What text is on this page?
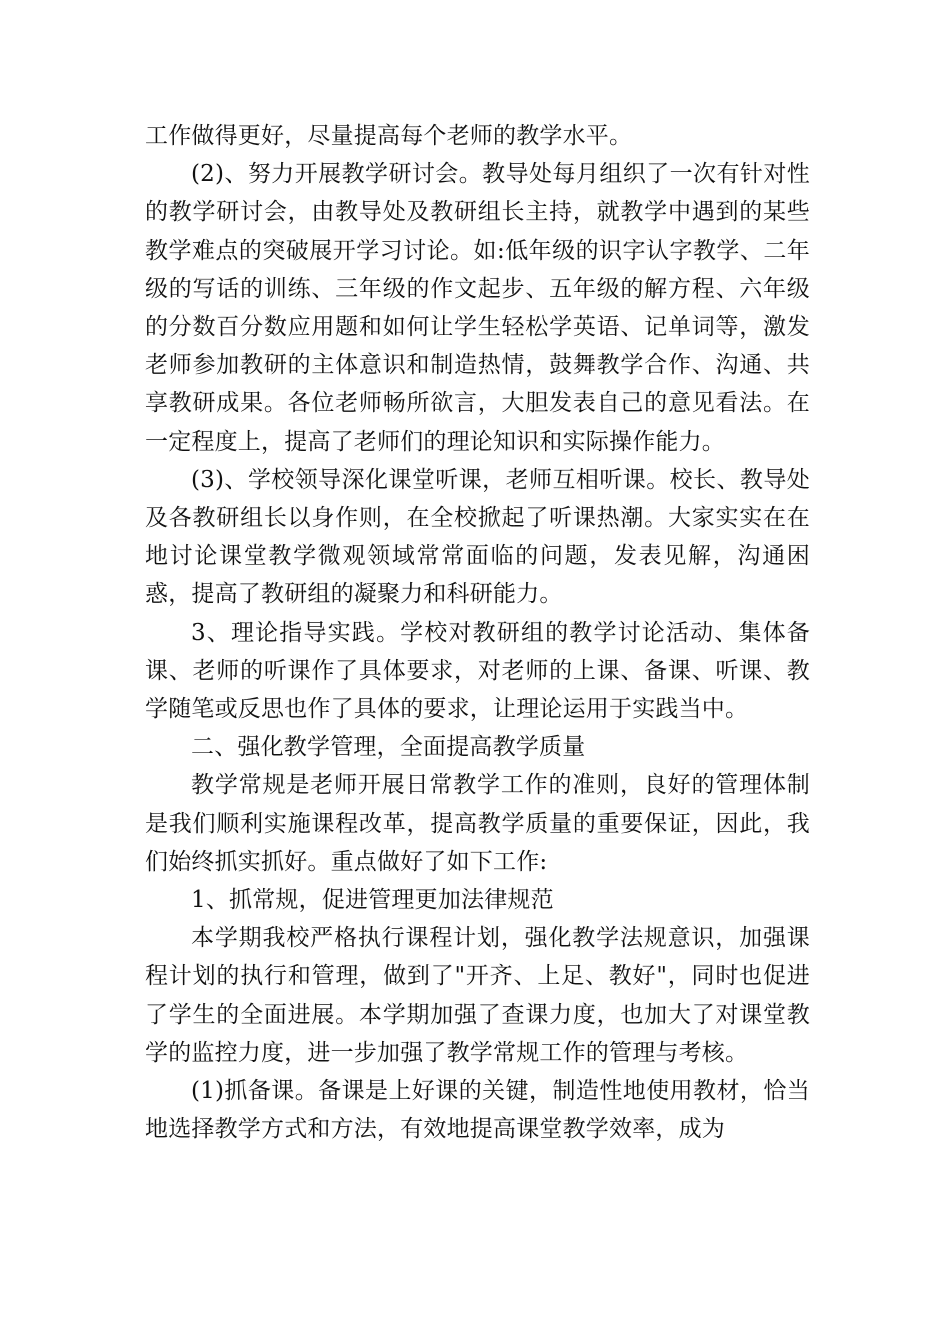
工作做得更好，尽量提高每个老师的教学水平。

(2)、努力开展教学研讨会。教导处每月组织了一次有针对性的教学研讨会，由教导处及教研组长主持，就教学中遇到的某些教学难点的突破展开学习讨论。如:低年级的识字认字教学、二年级的写话的训练、三年级的作文起步、五年级的解方程、六年级的分数百分数应用题和如何让学生轻松学英语、记单词等，激发老师参加教研的主体意识和制造热情，鼓舞教学合作、沟通、共享教研成果。各位老师畅所欲言，大胆发表自己的意见看法。在一定程度上，提高了老师们的理论知识和实际操作能力。

(3)、学校领导深化课堂听课，老师互相听课。校长、教导处及各教研组长以身作则，在全校掀起了听课热潮。大家实实在在地讨论课堂教学微观领域常常面临的问题，发表见解，沟通困惑，提高了教研组的凝聚力和科研能力。

3、理论指导实践。学校对教研组的教学讨论活动、集体备课、老师的听课作了具体要求，对老师的上课、备课、听课、教学随笔或反思也作了具体的要求，让理论运用于实践当中。

二、强化教学管理，全面提高教学质量

教学常规是老师开展日常教学工作的准则，良好的管理体制是我们顺利实施课程改革，提高教学质量的重要保证，因此，我们始终抓实抓好。重点做好了如下工作:

1、抓常规，促进管理更加法律规范

本学期我校严格执行课程计划，强化教学法规意识，加强课程计划的执行和管理，做到了"开齐、上足、教好"，同时也促进了学生的全面进展。本学期加强了查课力度，也加大了对课堂教学的监控力度，进一步加强了教学常规工作的管理与考核。

(1)抓备课。备课是上好课的关键，制造性地使用教材，恰当地选择教学方式和方法，有效地提高课堂教学效率，成为
